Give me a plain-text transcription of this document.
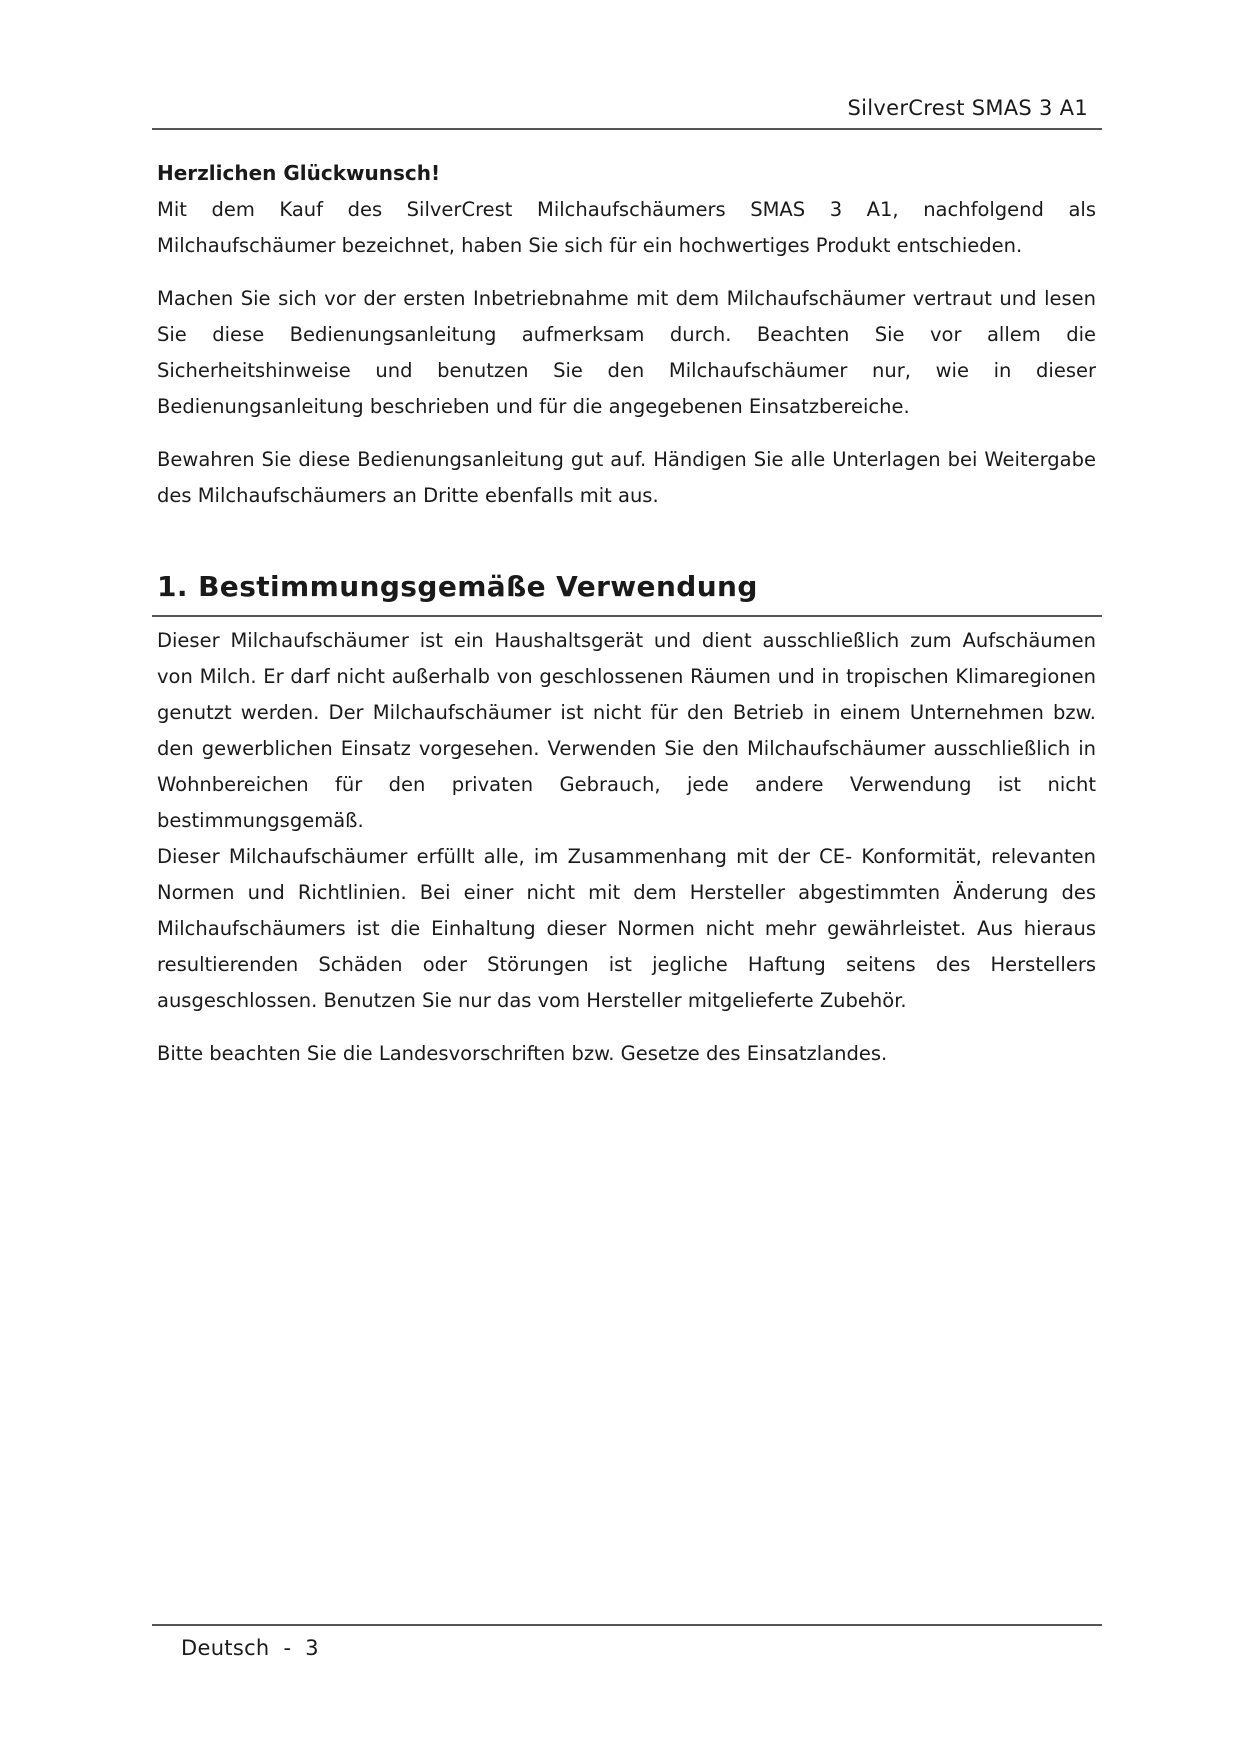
SilverCrest SMAS 3 A1
Herzlichen Glückwunsch!

Mit dem Kauf des SilverCrest Milchaufschäumers SMAS 3 A1, nachfolgend als Milchaufschäumer bezeichnet, haben Sie sich für ein hochwertiges Produkt entschieden.

Machen Sie sich vor der ersten Inbetriebnahme mit dem Milchaufschäumer vertraut und lesen Sie diese Bedienungsanleitung aufmerksam durch. Beachten Sie vor allem die Sicherheitshinweise und benutzen Sie den Milchaufschäumer nur, wie in dieser Bedienungsanleitung beschrieben und für die angegebenen Einsatzbereiche.

Bewahren Sie diese Bedienungsanleitung gut auf. Händigen Sie alle Unterlagen bei Weitergabe des Milchaufschäumers an Dritte ebenfalls mit aus.

1. Bestimmungsgemäße Verwendung

Dieser Milchaufschäumer ist ein Haushaltsgerät und dient ausschließlich zum Aufschäumen von Milch. Er darf nicht außerhalb von geschlossenen Räumen und in tropischen Klimaregionen genutzt werden. Der Milchaufschäumer ist nicht für den Betrieb in einem Unternehmen bzw. den gewerblichen Einsatz vorgesehen. Verwenden Sie den Milchaufschäumer ausschließlich in Wohnbereichen für den privaten Gebrauch, jede andere Verwendung ist nicht bestimmungsgemäß.

Dieser Milchaufschäumer erfüllt alle, im Zusammenhang mit der CE- Konformität, relevanten Normen und Richtlinien. Bei einer nicht mit dem Hersteller abgestimmten Änderung des Milchaufschäumers ist die Einhaltung dieser Normen nicht mehr gewährleistet. Aus hieraus resultierenden Schäden oder Störungen ist jegliche Haftung seitens des Herstellers ausgeschlossen. Benutzen Sie nur das vom Hersteller mitgelieferte Zubehör.

Bitte beachten Sie die Landesvorschriften bzw. Gesetze des Einsatzlandes.

Deutsch  -  3
